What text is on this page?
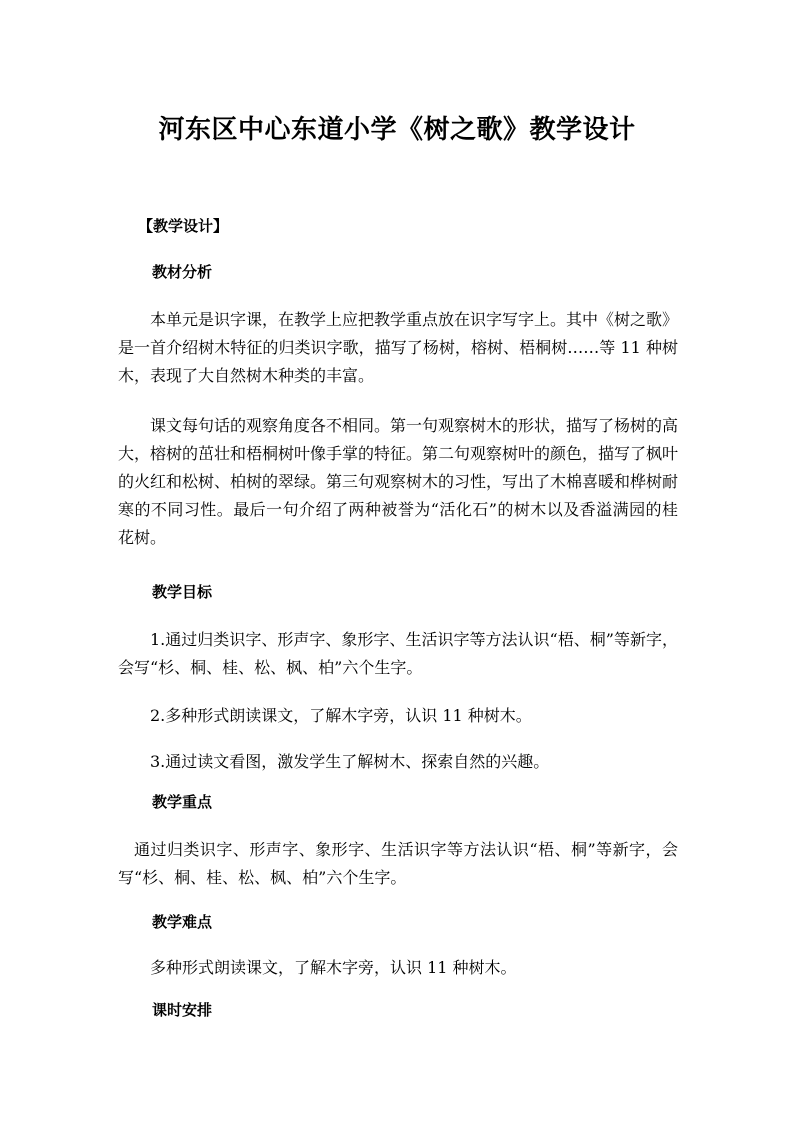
河东区中心东道小学《树之歌》教学设计
【教学设计】
教材分析
本单元是识字课，在教学上应把教学重点放在识字写字上。其中《树之歌》是一首介绍树木特征的归类识字歌，描写了杨树，榕树、梧桐树……等 11 种树木，表现了大自然树木种类的丰富。
课文每句话的观察角度各不相同。第一句观察树木的形状，描写了杨树的高大，榕树的茁壮和梧桐树叶像手掌的特征。第二句观察树叶的颜色，描写了枫叶的火红和松树、柏树的翠绿。第三句观察树木的习性，写出了木棉喜暖和桦树耐寒的不同习性。最后一句介绍了两种被誉为“活化石”的树木以及香溢满园的桂花树。
教学目标
1.通过归类识字、形声字、象形字、生活识字等方法认识“梧、桐”等新字，会写“杉、桐、桂、松、枫、柏”六个生字。
2.多种形式朗读课文，了解木字旁，认识 11 种树木。
3.通过读文看图，激发学生了解树木、探索自然的兴趣。
教学重点
通过归类识字、形声字、象形字、生活识字等方法认识“梧、桐”等新字，会写“杉、桐、桂、松、枫、柏”六个生字。
教学难点
多种形式朗读课文，了解木字旁，认识 11 种树木。
课时安排
